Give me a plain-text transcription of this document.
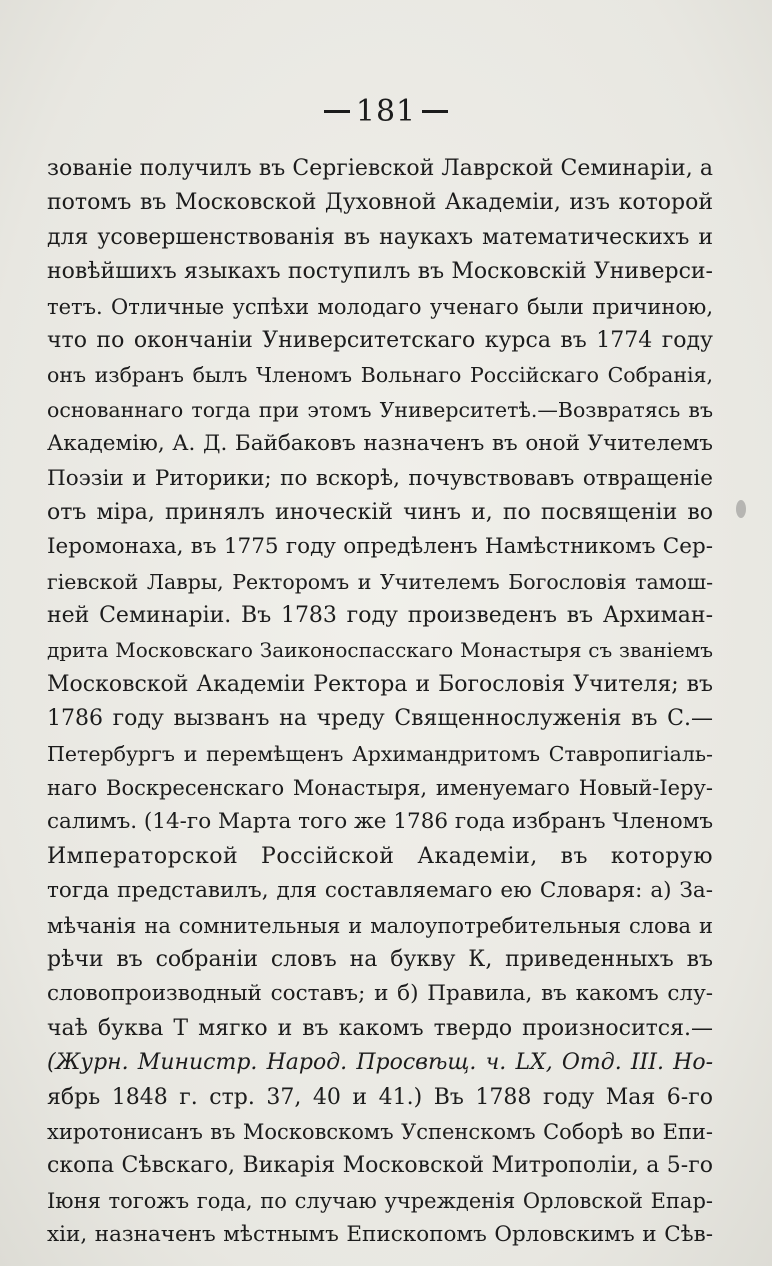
181
зованіе получилъ въ Сергіевской Лаврской Семинаріи, а
потомъ въ Московской Духовной Академіи, изъ которой
для усовершенствованія въ наукахъ математическихъ и
новѣйшихъ языкахъ поступилъ въ Московскій Универси-
тетъ. Отличные успѣхи молодаго ученаго были причиною,
что по окончаніи Университетскаго курса въ 1774 году
онъ избранъ былъ Членомъ Вольнаго Россійскаго Собранія,
основаннаго тогда при этомъ Университетѣ.—Возвратясь въ
Академію, А. Д. Байбаковъ назначенъ въ оной Учителемъ
Поэзіи и Риторики; по вскорѣ, почувствовавъ отвращеніе
отъ міра, принялъ иноческій чинъ и, по посвященіи во
Іеромонаха, въ 1775 году опредѣленъ Намѣстникомъ Сер-
гіевской Лавры, Ректоромъ и Учителемъ Богословія тамош-
ней Семинаріи. Въ 1783 году произведенъ въ Архиман-
дрита Московскаго Заиконоспасскаго Монастыря съ званіемъ
Московской Академіи Ректора и Богословія Учителя; въ
1786 году вызванъ на чреду Священнослуженія въ С.—
Петербургъ и перемѣщенъ Архимандритомъ Ставропигіаль-
наго Воскресенскаго Монастыря, именуемаго Новый-Іеру-
салимъ. (14-го Марта того же 1786 года избранъ Членомъ
Императорской Россійской Академіи, въ которую
тогда представилъ, для составляемаго ею Словаря: а) За-
мѣчанія на сомнительныя и малоупотребительныя слова и
рѣчи въ собраніи словъ на букву К, приведенныхъ въ
словопроизводный составъ; и б) Правила, въ какомъ слу-
чаѣ буква Т мягко и въ какомъ твердо произносится.—
(Журн. Министр. Народ. Просвѣщ. ч. LX, Отд. III. Но-
ябрь 1848 г. стр. 37, 40 и 41.) Въ 1788 году Мая 6-го
хиротонисанъ въ Московскомъ Успенскомъ Соборѣ во Епи-
скопа Сѣвскаго, Викарія Московской Митрополіи, а 5-го
Іюня тогожъ года, по случаю учрежденія Орловской Епар-
хіи, назначенъ мѣстнымъ Епископомъ Орловскимъ и Сѣв-
